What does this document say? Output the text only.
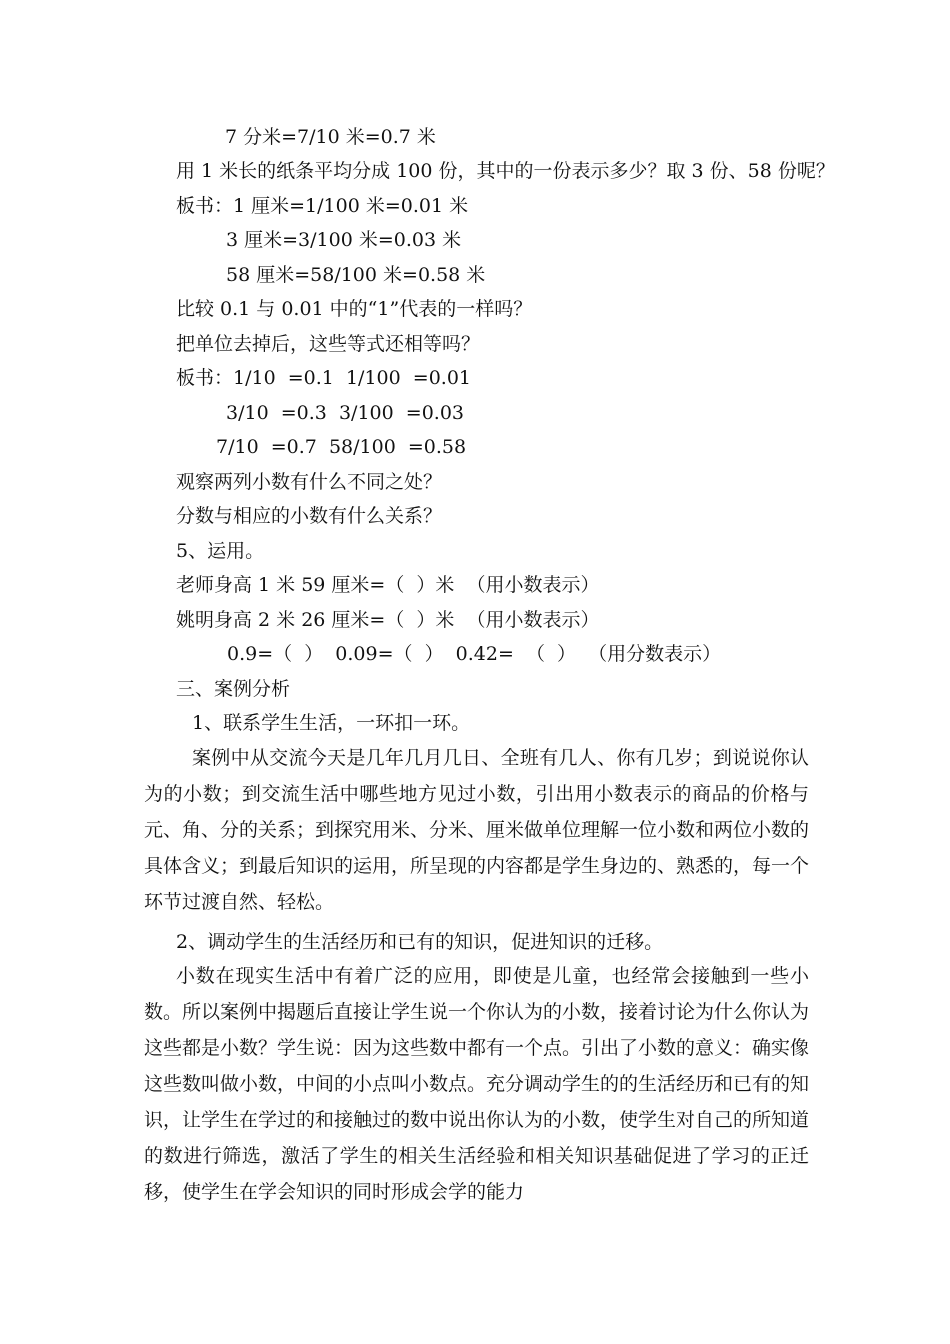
7 分米=7/10 米=0.7 米
用 1 米长的纸条平均分成 100 份，其中的一份表示多少？取 3 份、58 份呢？
板书：1 厘米=1/100 米=0.01 米
3 厘米=3/100 米=0.03 米
58 厘米=58/100 米=0.58 米
比较 0.1 与 0.01 中的“1”代表的一样吗？
把单位去掉后，这些等式还相等吗？
板书：1/10  =0.1  1/100  =0.01
3/10  =0.3  3/100  =0.03
7/10  =0.7  58/100  =0.58
观察两列小数有什么不同之处？
分数与相应的小数有什么关系？
5、运用。
老师身高 1 米 59 厘米=（  ）米  （用小数表示）
姚明身高 2 米 26 厘米=（  ）米  （用小数表示）
0.9=（  ）  0.09=（  ）  0.42=  （  ）  （用分数表示）
三、案例分析
1、联系学生生活，一环扣一环。
案例中从交流今天是几年几月几日、全班有几人、你有几岁；到说说你认为的小数；到交流生活中哪些地方见过小数，引出用小数表示的商品的价格与元、角、分的关系；到探究用米、分米、厘米做单位理解一位小数和两位小数的具体含义；到最后知识的运用，所呈现的内容都是学生身边的、熟悉的，每一个环节过渡自然、轻松。
2、调动学生的生活经历和已有的知识，促进知识的迁移。
小数在现实生活中有着广泛的应用，即使是儿童，也经常会接触到一些小数。所以案例中揭题后直接让学生说一个你认为的小数，接着讨论为什么你认为这些都是小数？学生说：因为这些数中都有一个点。引出了小数的意义：确实像这些数叫做小数，中间的小点叫小数点。充分调动学生的的生活经历和已有的知识，让学生在学过的和接触过的数中说出你认为的小数，使学生对自己的所知道的数进行筛选，激活了学生的相关生活经验和相关知识基础促进了学习的正迁移，使学生在学会知识的同时形成会学的能力
